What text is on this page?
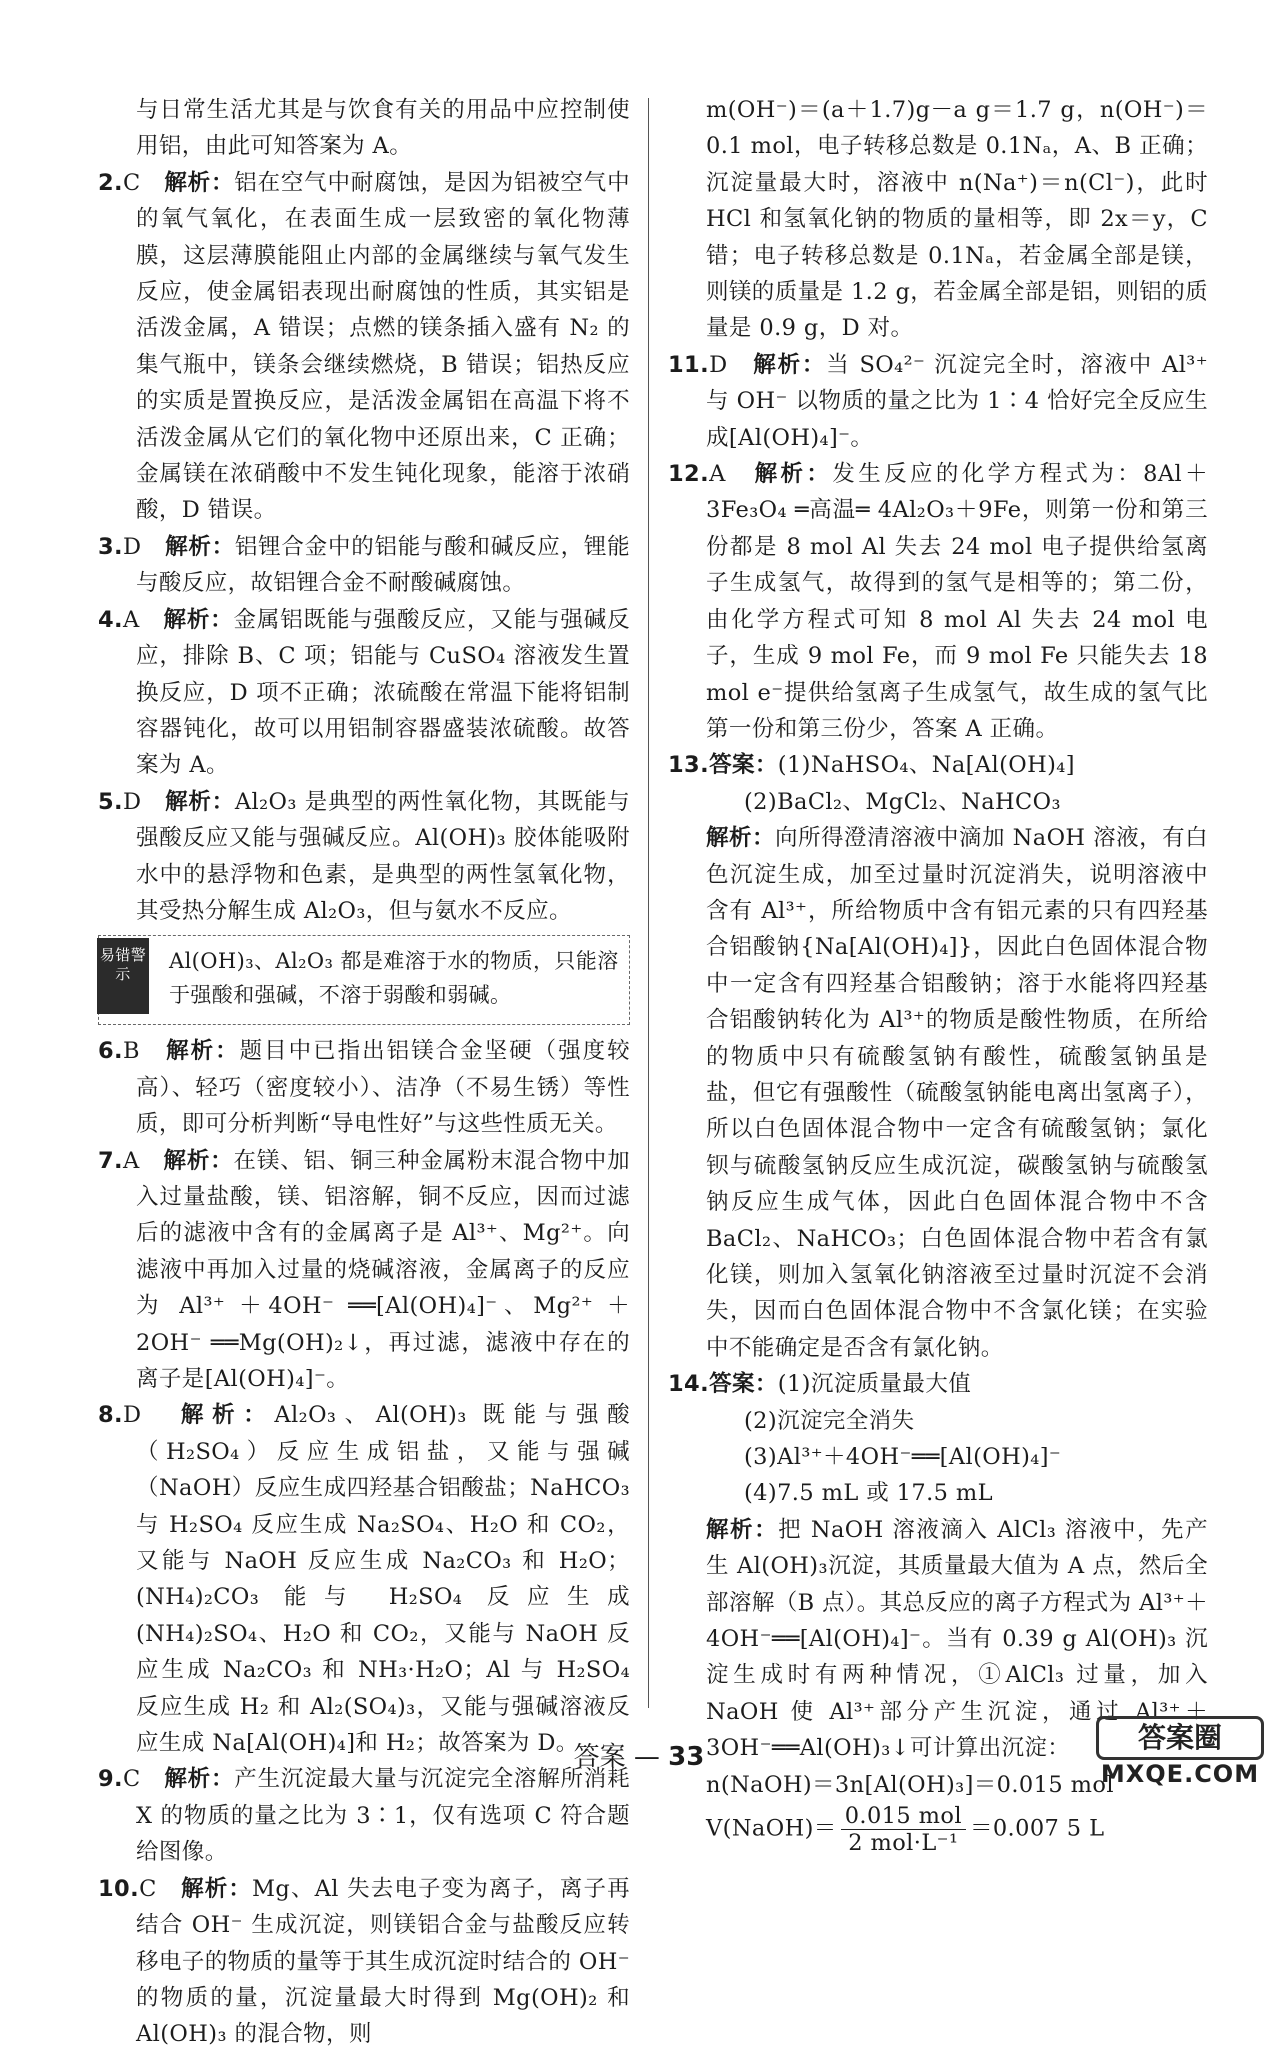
与日常生活尤其是与饮食有关的用品中应控制使用铝，由此可知答案为 A。

2.C　 解析：铝在空气中耐腐蚀，是因为铝被空气中的氧气氧化，在表面生成一层致密的氧化物薄膜，这层薄膜能阻止内部的金属继续与氧气发生反应，使金属铝表现出耐腐蚀的性质，其实铝是活泼金属，A 错误；点燃的镁条插入盛有 N₂ 的集气瓶中，镁条会继续燃烧，B 错误；铝热反应的实质是置换反应，是活泼金属铝在高温下将不活泼金属从它们的氧化物中还原出来，C 正确；金属镁在浓硝酸中不发生钝化现象，能溶于浓硝酸，D 错误。

3.D　 解析：铝锂合金中的铝能与酸和碱反应，锂能与酸反应，故铝锂合金不耐酸碱腐蚀。

4.A　 解析：金属铝既能与强酸反应，又能与强碱反应，排除 B、C 项；铝能与 CuSO₄ 溶液发生置换反应，D 项不正确；浓硫酸在常温下能将铝制容器钝化，故可以用铝制容器盛装浓硫酸。故答案为 A。

5.D　 解析：Al₂O₃ 是典型的两性氧化物，其既能与强酸反应又能与强碱反应。Al(OH)₃ 胶体能吸附水中的悬浮物和色素，是典型的两性氢氧化物，其受热分解生成 Al₂O₃，但与氨水不反应。

易错警示
Al(OH)₃、Al₂O₃ 都是难溶于水的物质，只能溶于强酸和强碱，不溶于弱酸和弱碱。

6.B　 解析：题目中已指出铝镁合金坚硬（强度较高）、轻巧（密度较小）、洁净（不易生锈）等性质，即可分析判断“导电性好”与这些性质无关。

7.A　 解析：在镁、铝、铜三种金属粉末混合物中加入过量盐酸，镁、铝溶解，铜不反应，因而过滤后的滤液中含有的金属离子是 Al³⁺、Mg²⁺。向滤液中再加入过量的烧碱溶液，金属离子的反应为 Al³⁺ ＋4OH⁻ ══[Al(OH)₄]⁻、Mg²⁺ ＋2OH⁻ ══Mg(OH)₂↓，再过滤，滤液中存在的离子是[Al(OH)₄]⁻。

8.D　 解析：Al₂O₃、Al(OH)₃ 既能与强酸（H₂SO₄）反应生成铝盐，又能与强碱（NaOH）反应生成四羟基合铝酸盐；NaHCO₃ 与 H₂SO₄ 反应生成 Na₂SO₄、H₂O 和 CO₂，又能与 NaOH 反应生成 Na₂CO₃ 和 H₂O；(NH₄)₂CO₃ 能与 H₂SO₄ 反应生成(NH₄)₂SO₄、H₂O 和 CO₂，又能与 NaOH 反应生成 Na₂CO₃ 和 NH₃·H₂O；Al 与 H₂SO₄ 反应生成 H₂ 和 Al₂(SO₄)₃，又能与强碱溶液反应生成 Na[Al(OH)₄]和 H₂；故答案为 D。

9.C　 解析：产生沉淀最大量与沉淀完全溶解所消耗 X 的物质的量之比为 3∶1，仅有选项 C 符合题给图像。

10.C　 解析：Mg、Al 失去电子变为离子，离子再结合 OH⁻ 生成沉淀，则镁铝合金与盐酸反应转移电子的物质的量等于其生成沉淀时结合的 OH⁻的物质的量，沉淀量最大时得到 Mg(OH)₂ 和 Al(OH)₃ 的混合物，则

m(OH⁻)＝(a＋1.7)g－a g＝1.7 g，n(OH⁻)＝0.1 mol，电子转移总数是 0.1Nₐ，A、B 正确；沉淀量最大时，溶液中 n(Na⁺)＝n(Cl⁻)，此时 HCl 和氢氧化钠的物质的量相等，即 2x＝y，C 错；电子转移总数是 0.1Nₐ，若金属全部是镁，则镁的质量是 1.2 g，若金属全部是铝，则铝的质量是 0.9 g，D 对。

11.D　 解析：当 SO₄²⁻ 沉淀完全时，溶液中 Al³⁺ 与 OH⁻ 以物质的量之比为 1∶4 恰好完全反应生成[Al(OH)₄]⁻。

12.A　 解析：发生反应的化学方程式为：8Al＋3Fe₃O₄ ═高温═ 4Al₂O₃＋9Fe，则第一份和第三份都是 8 mol Al 失去 24 mol 电子提供给氢离子生成氢气，故得到的氢气是相等的；第二份，由化学方程式可知 8 mol Al 失去 24 mol 电子，生成 9 mol Fe，而 9 mol Fe 只能失去 18 mol e⁻提供给氢离子生成氢气，故生成的氢气比第一份和第三份少，答案 A 正确。

13.答案：(1)NaHSO₄、Na[Al(OH)₄]

(2)BaCl₂、MgCl₂、NaHCO₃

解析：向所得澄清溶液中滴加 NaOH 溶液，有白色沉淀生成，加至过量时沉淀消失，说明溶液中含有 Al³⁺，所给物质中含有铝元素的只有四羟基合铝酸钠{Na[Al(OH)₄]}，因此白色固体混合物中一定含有四羟基合铝酸钠；溶于水能将四羟基合铝酸钠转化为 Al³⁺的物质是酸性物质，在所给的物质中只有硫酸氢钠有酸性，硫酸氢钠虽是盐，但它有强酸性（硫酸氢钠能电离出氢离子），所以白色固体混合物中一定含有硫酸氢钠；氯化钡与硫酸氢钠反应生成沉淀，碳酸氢钠与硫酸氢钠反应生成气体，因此白色固体混合物中不含 BaCl₂、NaHCO₃；白色固体混合物中若含有氯化镁，则加入氢氧化钠溶液至过量时沉淀不会消失，因而白色固体混合物中不含氯化镁；在实验中不能确定是否含有氯化钠。

14.答案：(1)沉淀质量最大值

(2)沉淀完全消失

(3)Al³⁺＋4OH⁻══[Al(OH)₄]⁻

(4)7.5 mL 或 17.5 mL

解析：把 NaOH 溶液滴入 AlCl₃ 溶液中，先产生 Al(OH)₃沉淀，其质量最大值为 A 点，然后全部溶解（B 点）。其总反应的离子方程式为 Al³⁺＋4OH⁻══[Al(OH)₄]⁻。当有 0.39 g Al(OH)₃ 沉淀生成时有两种情况，①AlCl₃ 过量，加入 NaOH 使 Al³⁺部分产生沉淀，通过 Al³⁺＋3OH⁻══Al(OH)₃↓可计算出沉淀：

n(NaOH)＝3n[Al(OH)₃]＝0.015 mol

V(NaOH)＝ $\frac{\text{0.015 mol}}{\text{2 mol·L⁻¹}} =0.007$ 5 L

答案 — 33
答案圈
MXQE.COM
